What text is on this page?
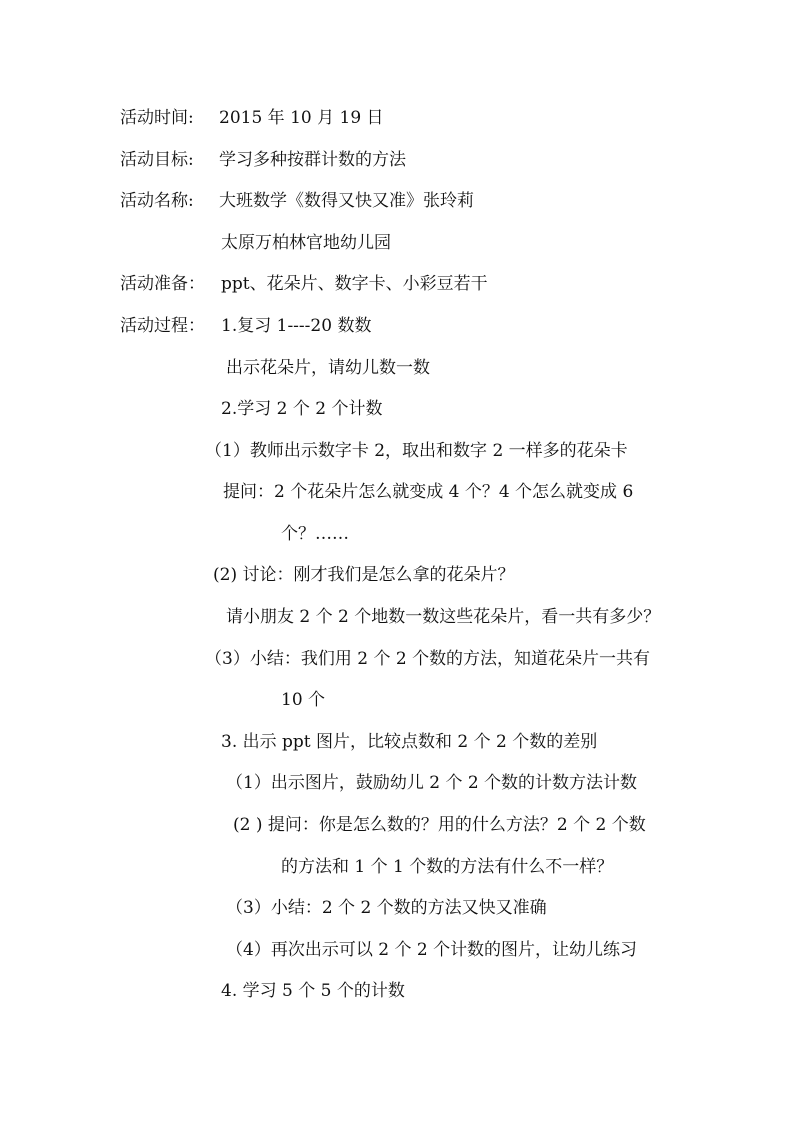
活动时间: 2015 年 10 月 19 日
活动目标: 学习多种按群计数的方法
活动名称: 大班数学《数得又快又准》张玲莉
太原万柏林官地幼儿园
活动准备： ppt、花朵片、数字卡、小彩豆若干
活动过程： 1.复习 1----20 数数
出示花朵片，请幼儿数一数
2.学习 2 个 2 个计数
（1）教师出示数字卡 2，取出和数字 2 一样多的花朵卡
提问：2 个花朵片怎么就变成 4 个？4 个怎么就变成 6
个？……
(2) 讨论：刚才我们是怎么拿的花朵片？
请小朋友 2 个 2 个地数一数这些花朵片，看一共有多少？
（3）小结：我们用 2 个 2 个数的方法，知道花朵片一共有
10 个
3. 出示 ppt 图片，比较点数和 2 个 2 个数的差别
（1）出示图片，鼓励幼儿 2 个 2 个数的计数方法计数
(2 ) 提问：你是怎么数的？用的什么方法？2 个 2 个数
的方法和 1 个 1 个数的方法有什么不一样？
（3）小结：2 个 2 个数的方法又快又准确
（4）再次出示可以 2 个 2 个计数的图片，让幼儿练习
4. 学习 5 个 5 个的计数
